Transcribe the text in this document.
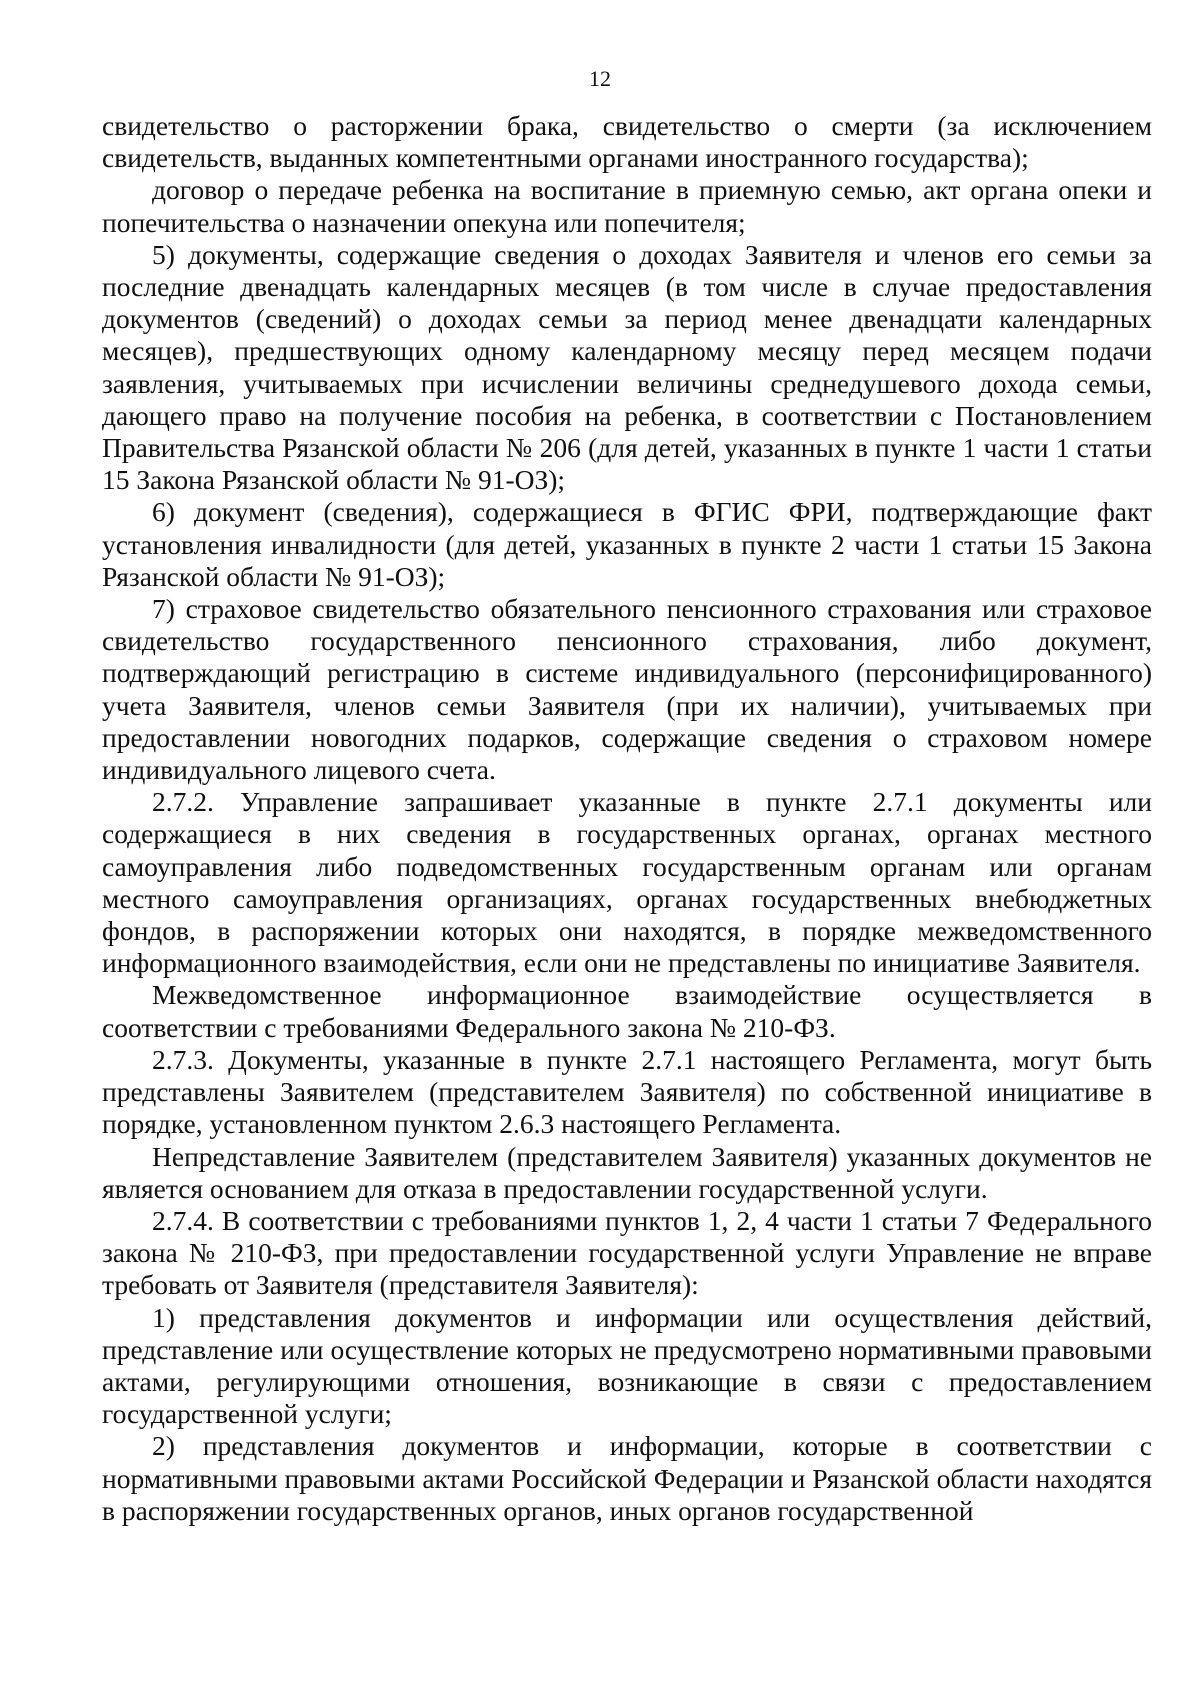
12

свидетельство о расторжении брака, свидетельство о смерти (за исключением свидетельств, выданных компетентными органами иностранного государства);

договор о передаче ребенка на воспитание в приемную семью, акт органа опеки и попечительства о назначении опекуна или попечителя;

5) документы, содержащие сведения о доходах Заявителя и членов его семьи за последние двенадцать календарных месяцев (в том числе в случае предоставления документов (сведений) о доходах семьи за период менее двенадцати календарных месяцев), предшествующих одному календарному месяцу перед месяцем подачи заявления, учитываемых при исчислении величины среднедушевого дохода семьи, дающего право на получение пособия на ребенка, в соответствии с Постановлением Правительства Рязанской области № 206 (для детей, указанных в пункте 1 части 1 статьи 15 Закона Рязанской области № 91-ОЗ);

6) документ (сведения), содержащиеся в ФГИС ФРИ, подтверждающие факт установления инвалидности (для детей, указанных в пункте 2 части 1 статьи 15 Закона Рязанской области № 91-ОЗ);

7) страховое свидетельство обязательного пенсионного страхования или страховое свидетельство государственного пенсионного страхования, либо документ, подтверждающий регистрацию в системе индивидуального (персонифицированного) учета Заявителя, членов семьи Заявителя (при их наличии), учитываемых при предоставлении новогодних подарков, содержащие сведения о страховом номере индивидуального лицевого счета.

2.7.2. Управление запрашивает указанные в пункте 2.7.1 документы или содержащиеся в них сведения в государственных органах, органах местного самоуправления либо подведомственных государственным органам или органам местного самоуправления организациях, органах государственных внебюджетных фондов, в распоряжении которых они находятся, в порядке межведомственного информационного взаимодействия, если они не представлены по инициативе Заявителя.

Межведомственное информационное взаимодействие осуществляется в соответствии с требованиями Федерального закона № 210-ФЗ.

2.7.3. Документы, указанные в пункте 2.7.1 настоящего Регламента, могут быть представлены Заявителем (представителем Заявителя) по собственной инициативе в порядке, установленном пунктом 2.6.3 настоящего Регламента.

Непредставление Заявителем (представителем Заявителя) указанных документов не является основанием для отказа в предоставлении государственной услуги.

2.7.4. В соответствии с требованиями пунктов 1, 2, 4 части 1 статьи 7 Федерального закона № 210-ФЗ, при предоставлении государственной услуги Управление не вправе требовать от Заявителя (представителя Заявителя):

1) представления документов и информации или осуществления действий, представление или осуществление которых не предусмотрено нормативными правовыми актами, регулирующими отношения, возникающие в связи с предоставлением государственной услуги;

2) представления документов и информации, которые в соответствии с нормативными правовыми актами Российской Федерации и Рязанской области находятся в распоряжении государственных органов, иных органов государственной
